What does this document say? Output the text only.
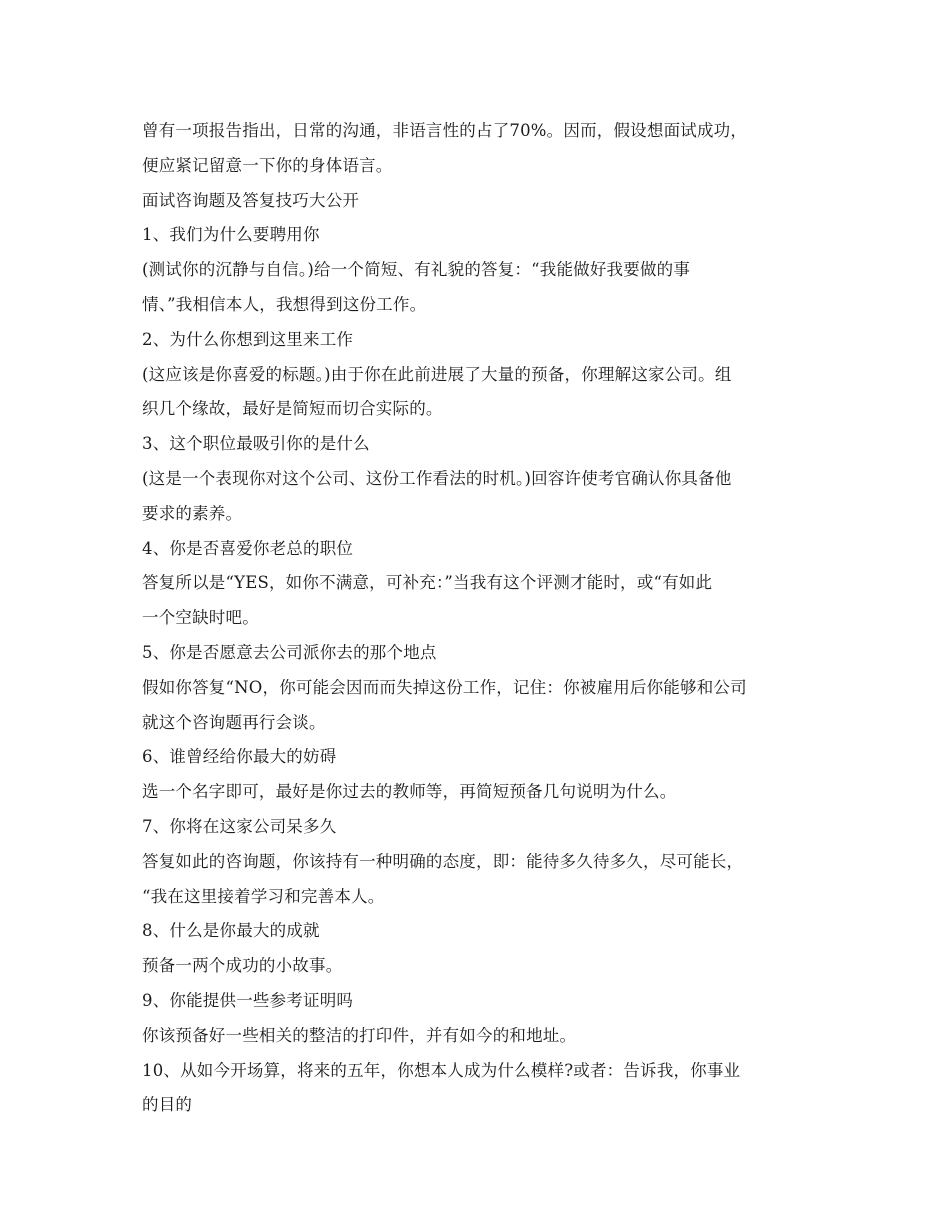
曾有一项报告指出，日常的沟通，非语言性的占了70%。因而，假设想面试成功，
便应紧记留意一下你的身体语言。
面试咨询题及答复技巧大公开
1、我们为什么要聘用你
(测试你的沉静与自信。)给一个简短、有礼貌的答复：“我能做好我要做的事
情、”我相信本人，我想得到这份工作。
2、为什么你想到这里来工作
(这应该是你喜爱的标题。)由于你在此前进展了大量的预备，你理解这家公司。组
织几个缘故，最好是简短而切合实际的。
3、这个职位最吸引你的是什么
(这是一个表现你对这个公司、这份工作看法的时机。)回容许使考官确认你具备他
要求的素养。
4、你是否喜爱你老总的职位
答复所以是“YES，如你不满意，可补充：”当我有这个评测才能时，或“有如此
一个空缺时吧。
5、你是否愿意去公司派你去的那个地点
假如你答复“NO，你可能会因而而失掉这份工作，记住：你被雇用后你能够和公司
就这个咨询题再行会谈。
6、谁曾经给你最大的妨碍
选一个名字即可，最好是你过去的教师等，再简短预备几句说明为什么。
7、你将在这家公司呆多久
答复如此的咨询题，你该持有一种明确的态度，即：能待多久待多久，尽可能长，
“我在这里接着学习和完善本人。
8、什么是你最大的成就
预备一两个成功的小故事。
9、你能提供一些参考证明吗
你该预备好一些相关的整洁的打印件，并有如今的和地址。
10、从如今开场算，将来的五年，你想本人成为什么模样?或者：告诉我，你事业
的目的
